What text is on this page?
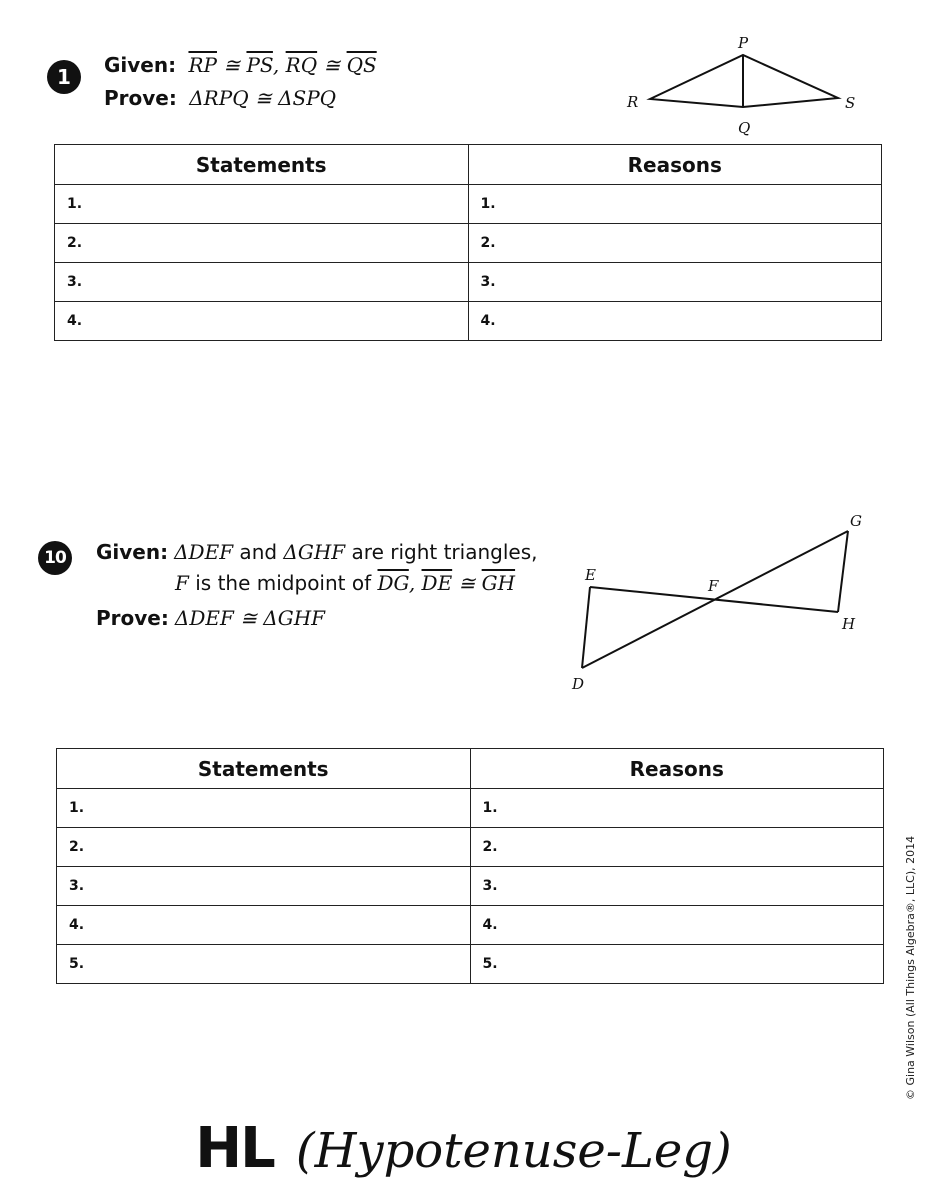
1	Given: $\overline{RP}$ ≅ $\overline{PS}$, $\overline{RQ}$ ≅ $\overline{QS}$
Prove: ΔRPQ ≅ ΔSPQ
P
R	S
Q
Statements	Reasons
1.	1.
2.	2.
3.	3.
4.	4.
10	Given: ΔDEF and ΔGHF are right triangles,
F is the midpoint of $\overline{DG}$, $\overline{DE}$ ≅ $\overline{GH}$
Prove: ΔDEF ≅ ΔGHF
G
E
F
H
D
Statements	Reasons
1.	1.
2.	2.
3.	3.
4.	4.
5.	5.	© Gina Wilson (All Things Algebra®, LLC), 2014
HL (Hypotenuse-Leg)
